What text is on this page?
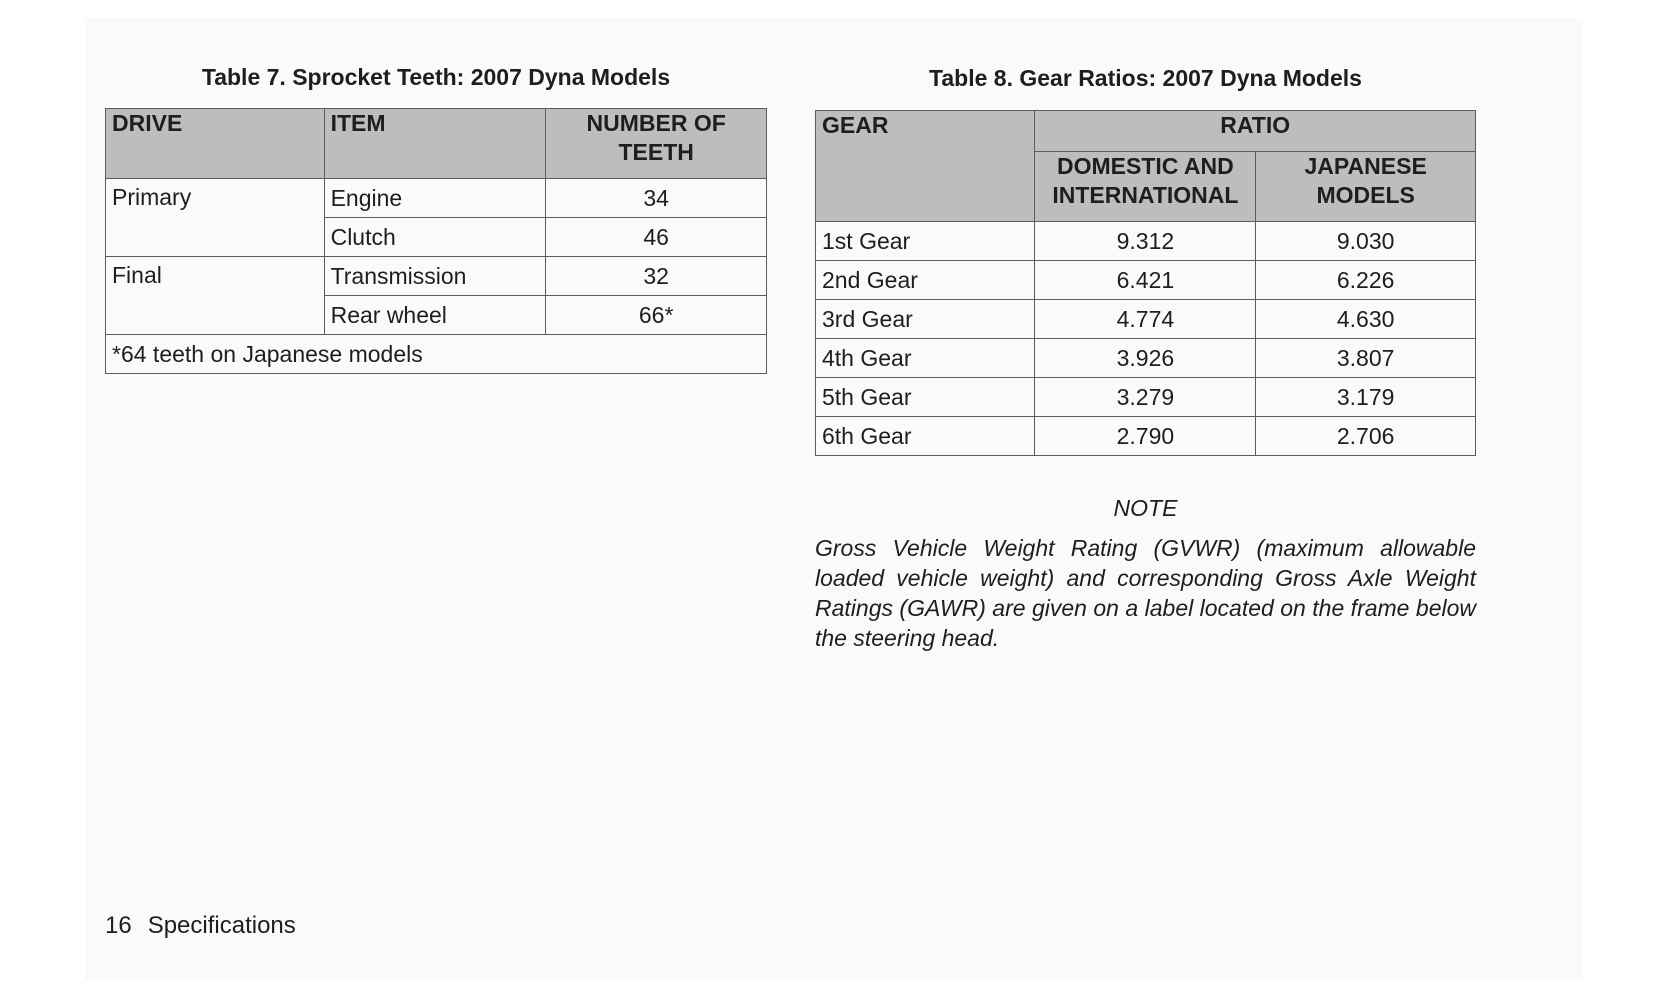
Table 7. Sprocket Teeth: 2007 Dyna Models
DRIVE	ITEM	NUMBER OF TEETH
Primary	Engine	34
	Clutch	46
Final	Transmission	32
	Rear wheel	66*
*64 teeth on Japanese models		
Table 8. Gear Ratios: 2007 Dyna Models
GEAR	RATIO	
	DOMESTIC AND INTERNATIONAL	JAPANESE MODELS
1st Gear	9.312	9.030
2nd Gear	6.421	6.226
3rd Gear	4.774	4.630
4th Gear	3.926	3.807
5th Gear	3.279	3.179
6th Gear	2.790	2.706
NOTE
Gross Vehicle Weight Rating (GVWR) (maximum allowable loaded vehicle weight) and corresponding Gross Axle Weight Ratings (GAWR) are given on a label located on the frame below the steering head.
16 Specifications
